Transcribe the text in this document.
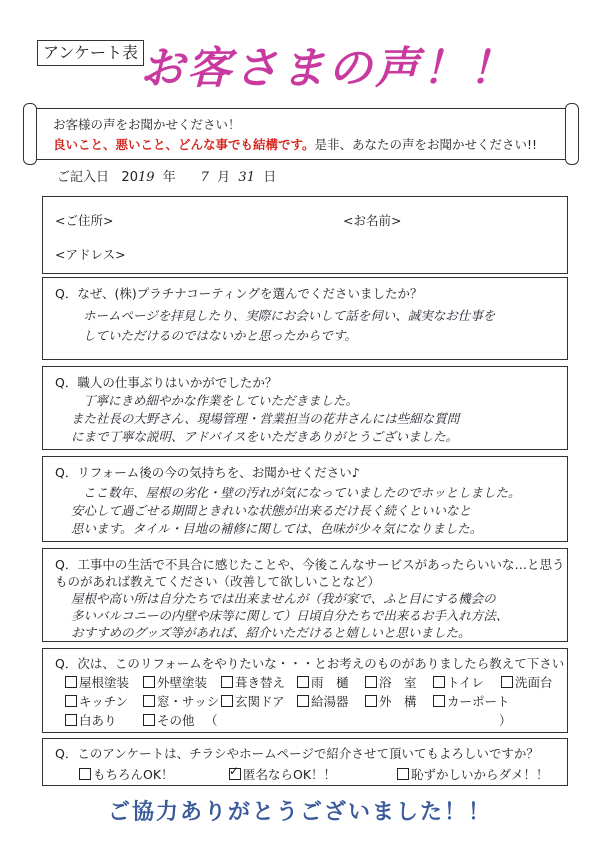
アンケート表 お客さまの声！！
お客様の声をお聞かせください！
良いこと、悪いこと、どんな事でも結構です。是非、あなたの声をお聞かせください!!
ご記入日 2019 年 7 月 31 日
<ご住所>	<お名前>
<アドレス>
Q．なぜ、(株)プラチナコーティングを選んでくださいましたか？
ホームページを拝見したり、実際にお会いして話を伺い、誠実なお仕事を
していただけるのではないかと思ったからです。
Q．職人の仕事ぶりはいかがでしたか？
丁寧にきめ細やかな作業をしていただきました。
また社長の大野さん、現場管理・営業担当の花井さんには些細な質問
にまで丁寧な説明、アドバイスをいただきありがとうございました。
Q．リフォーム後の今の気持ちを、お聞かせください♪
ここ数年、屋根の劣化・壁の汚れが気になっていましたのでホッとしました。
安心して過ごせる期間ときれいな状態が出来るだけ長く続くといいなと
思います。タイル・目地の補修に関しては、色味が少々気になりました。
Q．工事中の生活で不具合に感じたことや、今後こんなサービスがあったらいいな…と思う
ものがあれば教えてください（改善して欲しいことなど）
屋根や高い所は自分たちでは出来ませんが（我が家で、ふと目にする機会の
多いバルコニーの内壁や床等に関して）日頃自分たちで出来るお手入れ方法、
おすすめのグッズ等があれば、紹介いただけると嬉しいと思いました。
Q．次は、このリフォームをやりたいな・・・とお考えのものがありましたら教えて下さい
屋根塗装	外壁塗装	葺き替え	雨　樋	浴　室	トイレ	洗面台
キッチン	窓・サッシ	玄関ドア	給湯器	外　構	カーポート
白あり	その他 （	）
Q．このアンケートは、チラシやホームページで紹介させて頂いてもよろしいですか？
もちろんOK！	✓ 匿名ならOK！！	恥ずかしいからダメ！！
ご協力ありがとうございました！！
